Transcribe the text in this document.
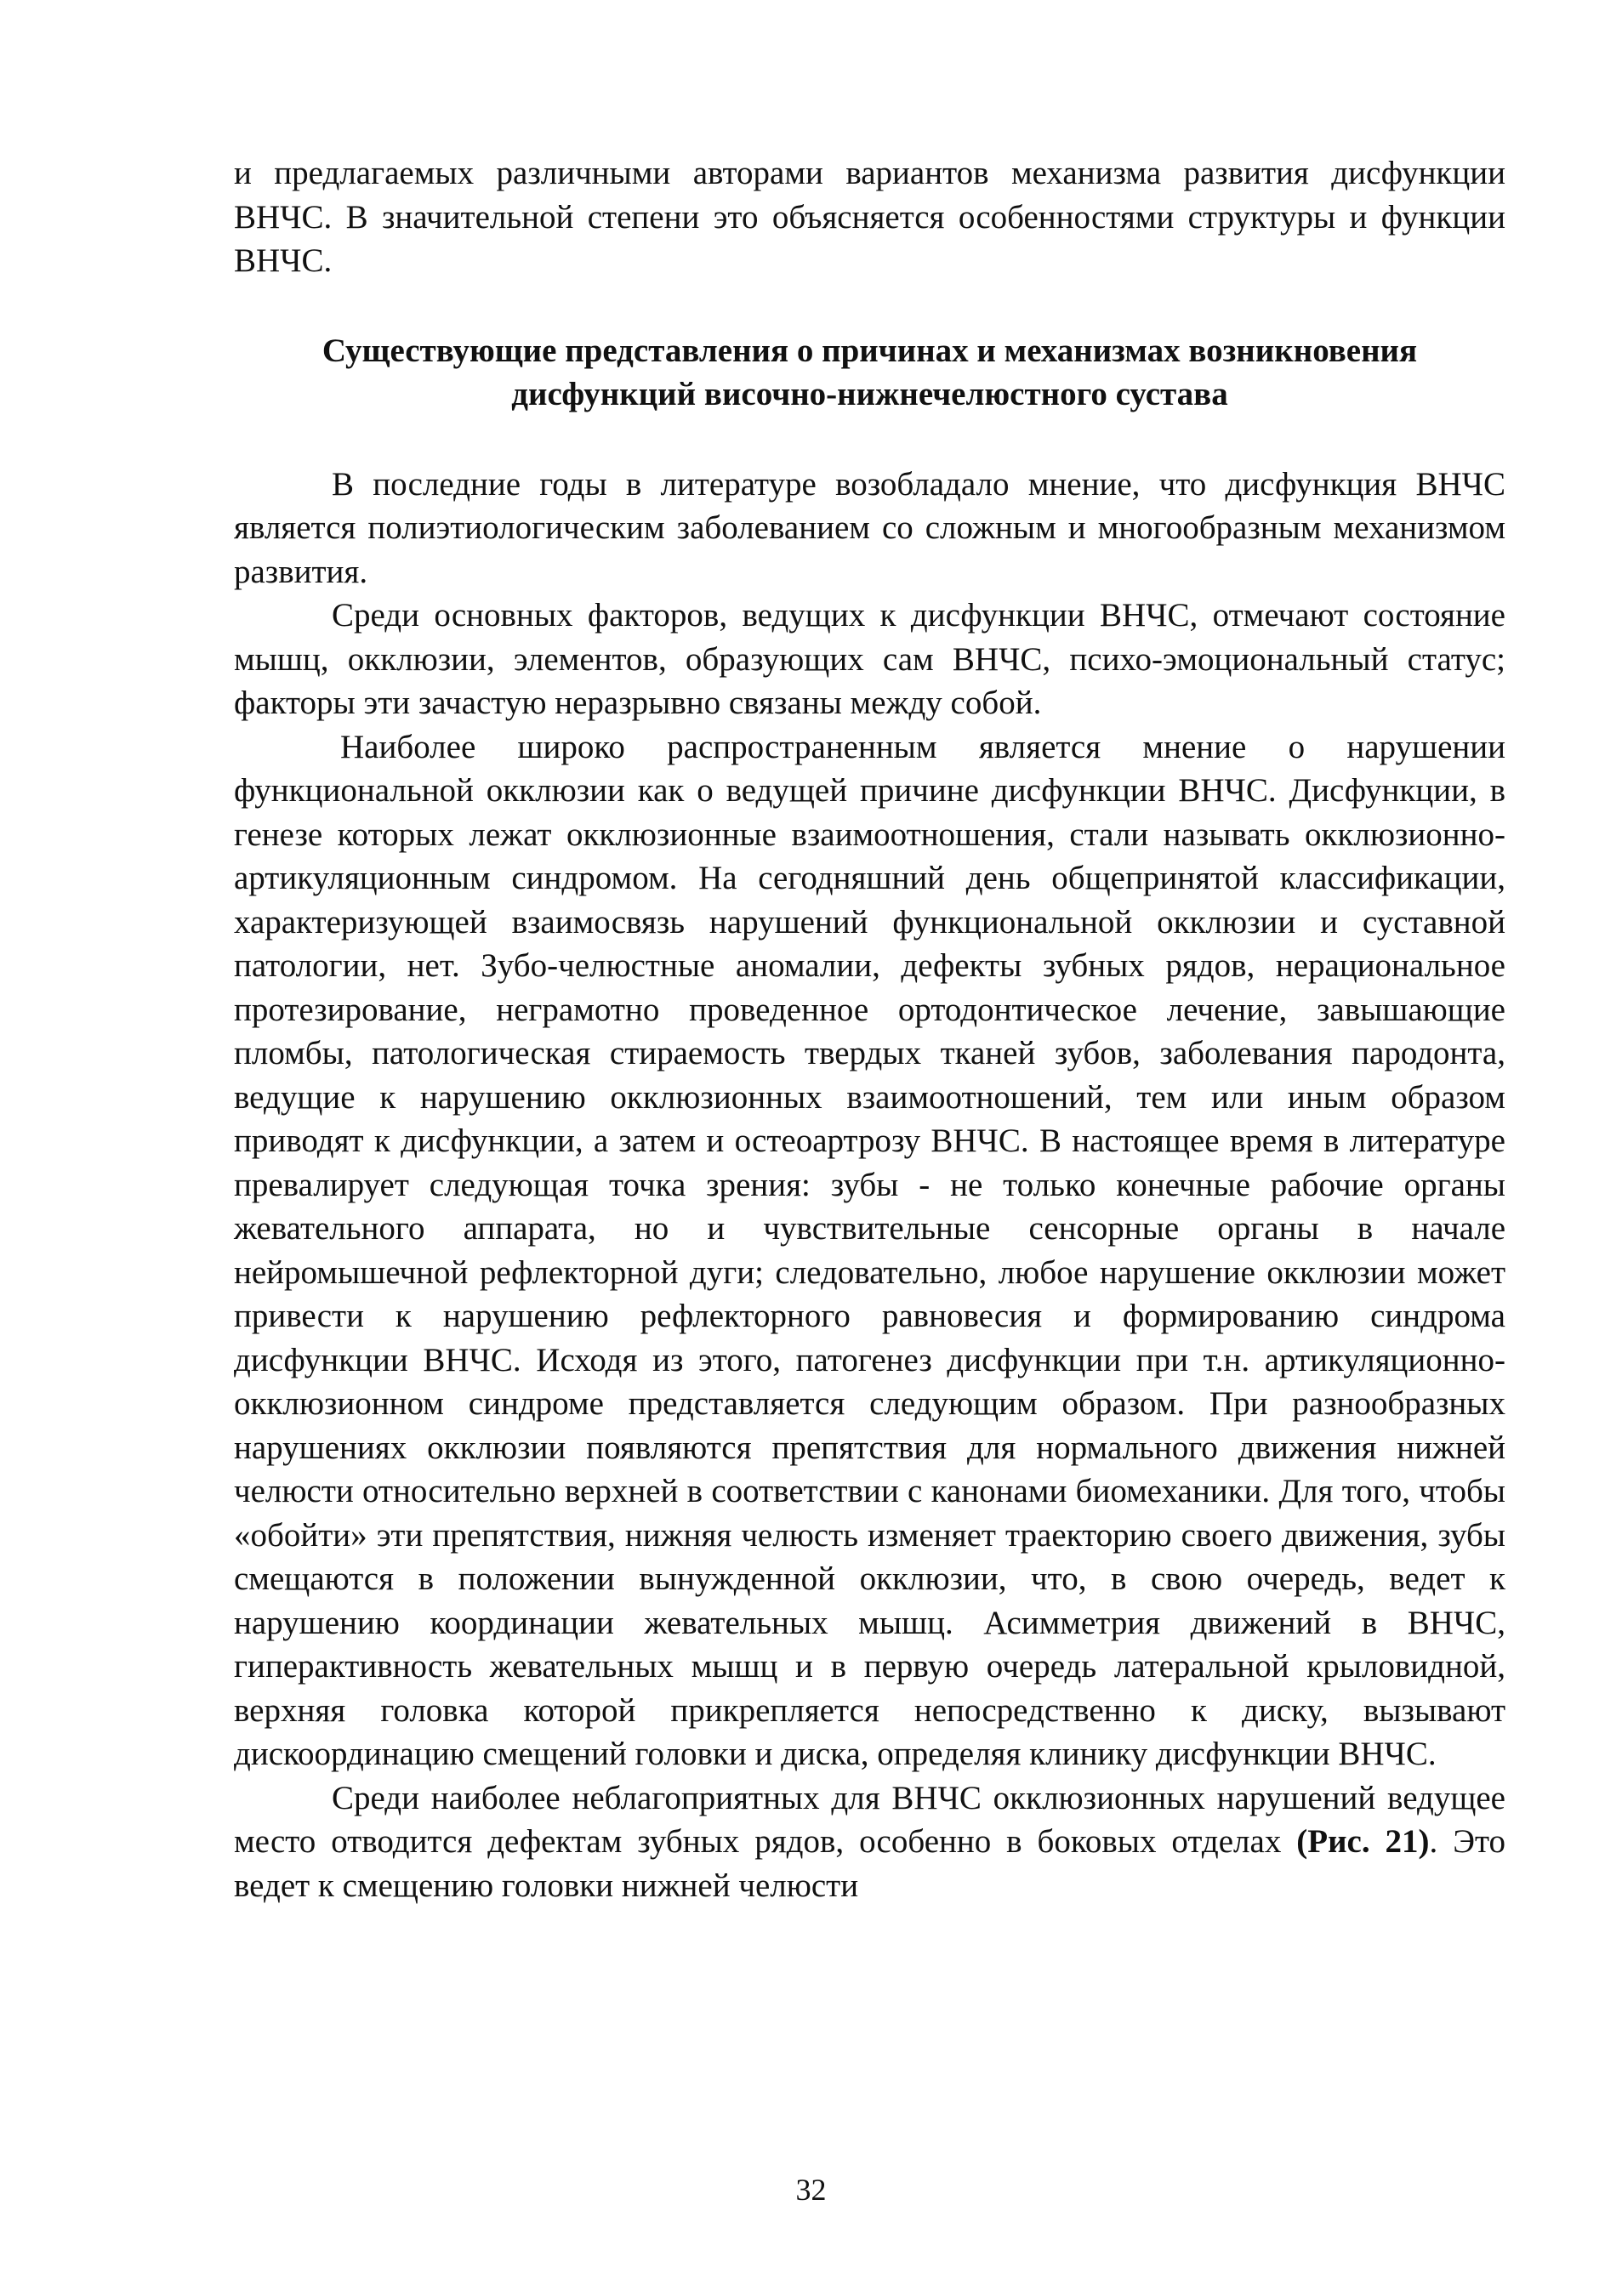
и предлагаемых различными авторами вариантов механизма развития дисфункции ВНЧС. В значительной степени это объясняется особенностями структуры и функции ВНЧС.

Существующие представления о причинах и механизмах возникновения
дисфункций височно-нижнечелюстного сустава

В последние годы в литературе возобладало мнение, что дисфункция ВНЧС является полиэтиологическим заболеванием со сложным и многообразным механизмом развития.

Среди основных факторов, ведущих к дисфункции ВНЧС, отмечают состояние мышц, окклюзии, элементов, образующих сам ВНЧС, психо-эмоциональный статус; факторы эти зачастую неразрывно связаны между собой.

Наиболее широко распространенным является мнение о нарушении функциональной окклюзии как о ведущей причине дисфункции ВНЧС. Дисфункции, в генезе которых лежат окклюзионные взаимоотношения, стали называть окклюзионно- артикуляционным синдромом. На сегодняшний день общепринятой классификации, характеризующей взаимосвязь нарушений функциональной окклюзии и суставной патологии, нет. Зубо-челюстные аномалии, дефекты зубных рядов, нерациональное протезирование, неграмотно проведенное ортодонтическое лечение, завышающие пломбы, патологическая стираемость твердых тканей зубов, заболевания пародонта, ведущие к нарушению окклюзионных взаимоотношений, тем или иным образом приводят к дисфункции, а затем и остеоартрозу ВНЧС. В настоящее время в литературе превалирует следующая точка зрения: зубы - не только конечные рабочие органы жевательного аппарата, но и чувствительные сенсорные органы в начале нейромышечной рефлекторной дуги; следовательно, любое нарушение окклюзии может привести к нарушению рефлекторного равновесия и формированию синдрома дисфункции ВНЧС. Исходя из этого, патогенез дисфункции при т.н. артикуляционно-окклюзионном синдроме представляется следующим образом. При разнообразных нарушениях окклюзии появляются препятствия для нормального движения нижней челюсти относительно верхней в соответствии с канонами биомеханики. Для того, чтобы «обойти» эти препятствия, нижняя челюсть изменяет траекторию своего движения, зубы смещаются в положении вынужденной окклюзии, что, в свою очередь, ведет к нарушению координации жевательных мышц. Асимметрия движений в ВНЧС, гиперактивность жевательных мышц и в первую очередь латеральной крыловидной, верхняя головка которой прикрепляется непосредственно к диску, вызывают дискоординацию смещений головки и диска, определяя клинику дисфункции ВНЧС.

Среди наиболее неблагоприятных для ВНЧС окклюзионных нарушений ведущее место отводится дефектам зубных рядов, особенно в боковых отделах (Рис. 21). Это ведет к смещению головки нижней челюсти

32
